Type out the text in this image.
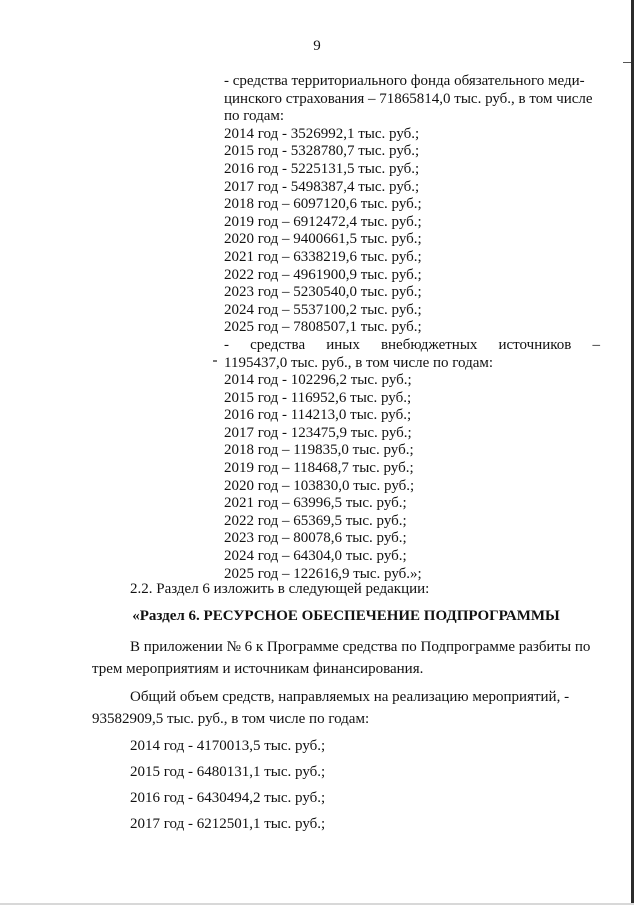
9
- средства территориального фонда обязательного меди-
цинского страхования – 71865814,0 тыс. руб., в том числе
по годам:
2014 год - 3526992,1 тыс. руб.;
2015 год - 5328780,7 тыс. руб.;
2016 год - 5225131,5 тыс. руб.;
2017 год - 5498387,4 тыс. руб.;
2018 год – 6097120,6 тыс. руб.;
2019 год – 6912472,4 тыс. руб.;
2020 год – 9400661,5 тыс. руб.;
2021 год – 6338219,6 тыс. руб.;
2022 год – 4961900,9 тыс. руб.;
2023 год – 5230540,0 тыс. руб.;
2024 год – 5537100,2 тыс. руб.;
2025 год – 7808507,1 тыс. руб.;
- средства иных внебюджетных источников –
1195437,0 тыс. руб., в том числе по годам:
2014 год - 102296,2 тыс. руб.;
2015 год - 116952,6 тыс. руб.;
2016 год - 114213,0 тыс. руб.;
2017 год - 123475,9 тыс. руб.;
2018 год – 119835,0 тыс. руб.;
2019 год – 118468,7 тыс. руб.;
2020 год – 103830,0 тыс. руб.;
2021 год – 63996,5 тыс. руб.;
2022 год – 65369,5 тыс. руб.;
2023 год – 80078,6 тыс. руб.;
2024 год – 64304,0 тыс. руб.;
2025 год – 122616,9 тыс. руб.»;
2.2. Раздел 6 изложить в следующей редакции:
«Раздел 6. РЕСУРСНОЕ ОБЕСПЕЧЕНИЕ ПОДПРОГРАММЫ
В приложении № 6 к Программе средства по Подпрограмме разбиты по
трем мероприятиям и источникам финансирования.
Общий объем средств, направляемых на реализацию мероприятий, -
93582909,5 тыс. руб., в том числе по годам:
2014 год - 4170013,5 тыс. руб.;
2015 год - 6480131,1 тыс. руб.;
2016 год - 6430494,2 тыс. руб.;
2017 год - 6212501,1 тыс. руб.;
